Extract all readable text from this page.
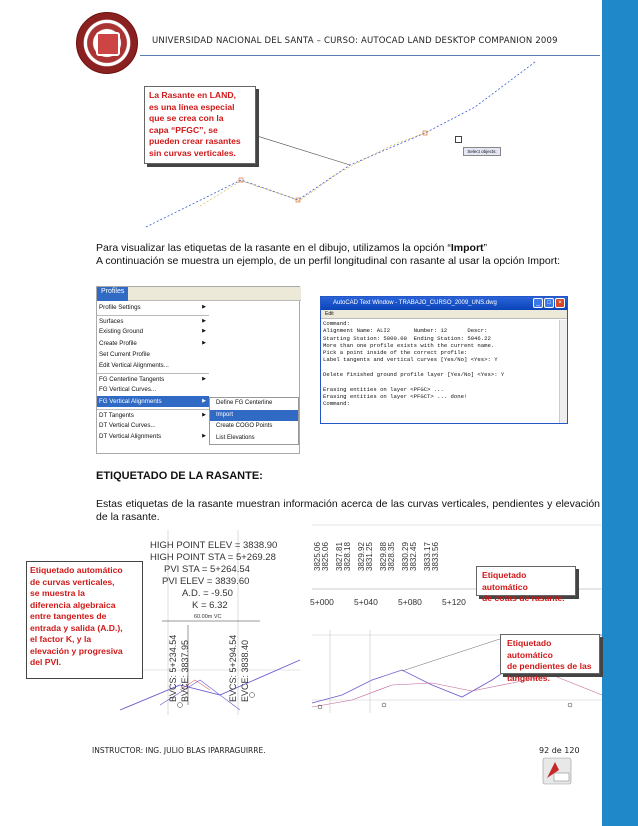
UNIVERSIDAD NACIONAL DEL SANTA – CURSO: AUTOCAD LAND DESKTOP COMPANION 2009
Select objects:
La Rasante en LAND,
es una línea especial
que se crea con la
capa “PFGC”, se
pueden crear rasantes
sin curvas verticales.
Para visualizar las etiquetas de la rasante en el dibujo, utilizamos la opción “Import”
A continuación se muestra un ejemplo, de un perfil longitudinal con rasante al usar la opción Import:
Profiles
Profile Settings	▶
Surfaces	▶
Existing Ground	▶
Create Profile	▶
Set Current Profile
Edit Vertical Alignments...
FG Centerline Tangents	▶
FG Vertical Curves...
FG Vertical Alignments	▶
DT Tangents	▶
DT Vertical Curves...
DT Vertical Alignments	▶
Define FG Centerline
Import
Create COGO Points
List Elevations
AutoCAD Text Window - TRABAJO_CURSO_2009_UNS.dwg	_	□	×
Edit
Command:
Alignment Name: ALI2       Number: 12      Descr:
Starting Station: 5000.00  Ending Station: 5046.22
More than one profile exists with the current name.
Pick a point inside of the correct profile:
Label tangents and vertical curves [Yes/No] <Yes>: Y
Delete finished ground profile layer [Yes/No] <Yes>: Y
Erasing entities on layer <PFGC> ...
Erasing entities on layer <PFGCT> ... done!
Command:
ETIQUETADO DE LA RASANTE:
Estas etiquetas de la rasante muestran información acerca de las curvas verticales, pendientes y elevación de la rasante.
HIGH POINT ELEV = 3838.90
HIGH POINT STA = 5+269.28
PVI STA = 5+264.54
PVI ELEV = 3839.60
A.D. = -9.50
K = 6.32
60.00m VC
BVCS: 5+234.54 BVCE: 3837.95	EVCS: 5+294.54 EVCE: 3838.40
3825.06 3825.06 3827.81 3828.18 3829.92 3831.25 3829.88 3828.35 3830.29 3832.45 3833.17 3833.56
5+000 5+040 5+080 5+120
Etiquetado automático
de curvas verticales,
se muestra la
diferencia algebraica
entre tangentes de
entrada y salida (A.D.),
el factor K, y la
elevación y progresiva
del PVI.
Etiquetado automático
de cotas de rasante.
Etiquetado automático
de pendientes de las
tangentes.
INSTRUCTOR: ING. JULIO BLAS IPARRAGUIRRE.	92 de 120
